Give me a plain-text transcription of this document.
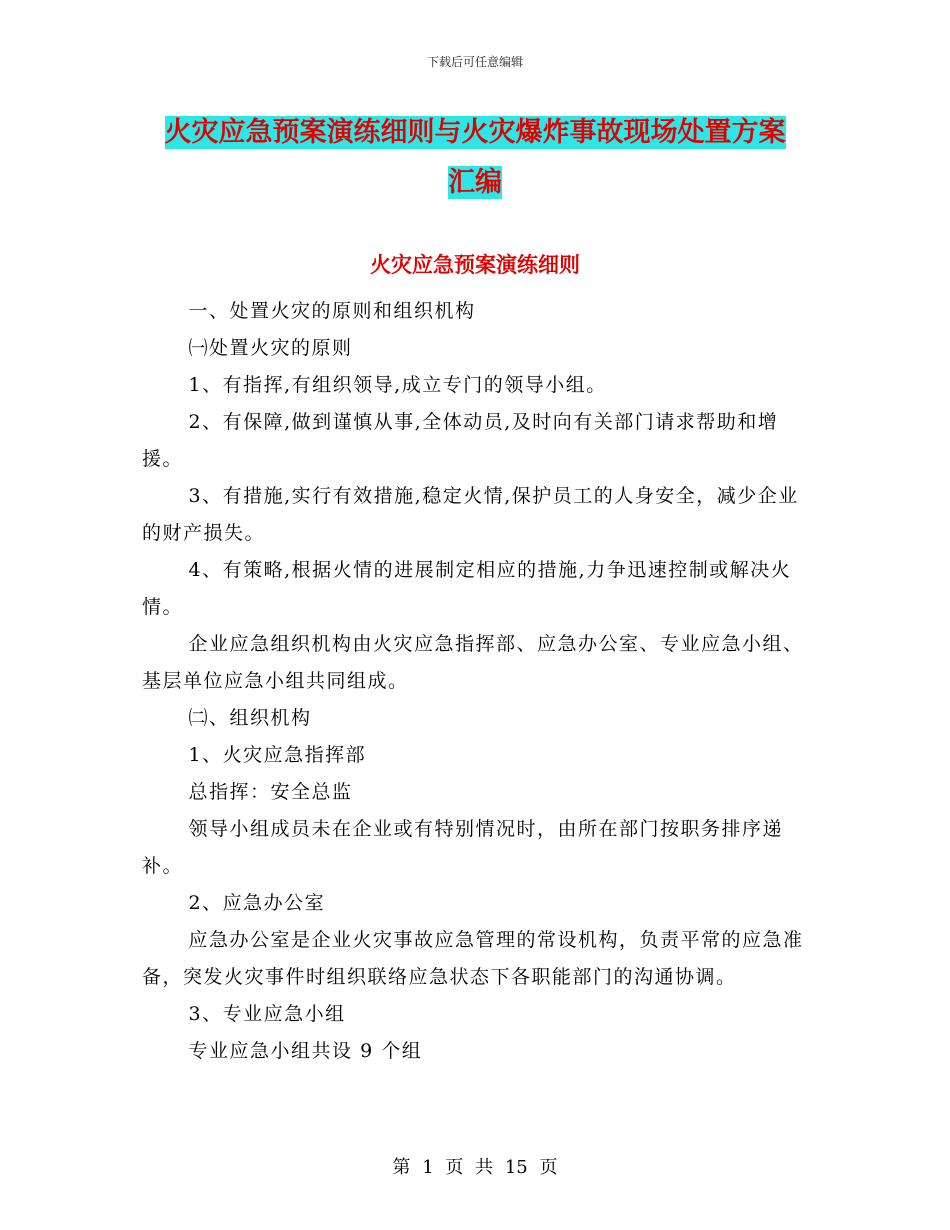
下载后可任意编辑
火灾应急预案演练细则与火灾爆炸事故现场处置方案
汇编
火灾应急预案演练细则

一、处置火灾的原则和组织机构

㈠处置火灾的原则

1、有指挥,有组织领导,成立专门的领导小组。

2、有保障,做到谨慎从事,全体动员,及时向有关部门请求帮助和增援。

3、有措施,实行有效措施,稳定火情,保护员工的人身安全，减少企业的财产损失。

4、有策略,根据火情的进展制定相应的措施,力争迅速控制或解决火情。

企业应急组织机构由火灾应急指挥部、应急办公室、专业应急小组、基层单位应急小组共同组成。

㈡、组织机构

1、火灾应急指挥部

总指挥：安全总监

领导小组成员未在企业或有特别情况时，由所在部门按职务排序递补。

2、应急办公室

应急办公室是企业火灾事故应急管理的常设机构，负责平常的应急准备，突发火灾事件时组织联络应急状态下各职能部门的沟通协调。

3、专业应急小组

专业应急小组共设 9 个组

第 1 页 共 15 页
